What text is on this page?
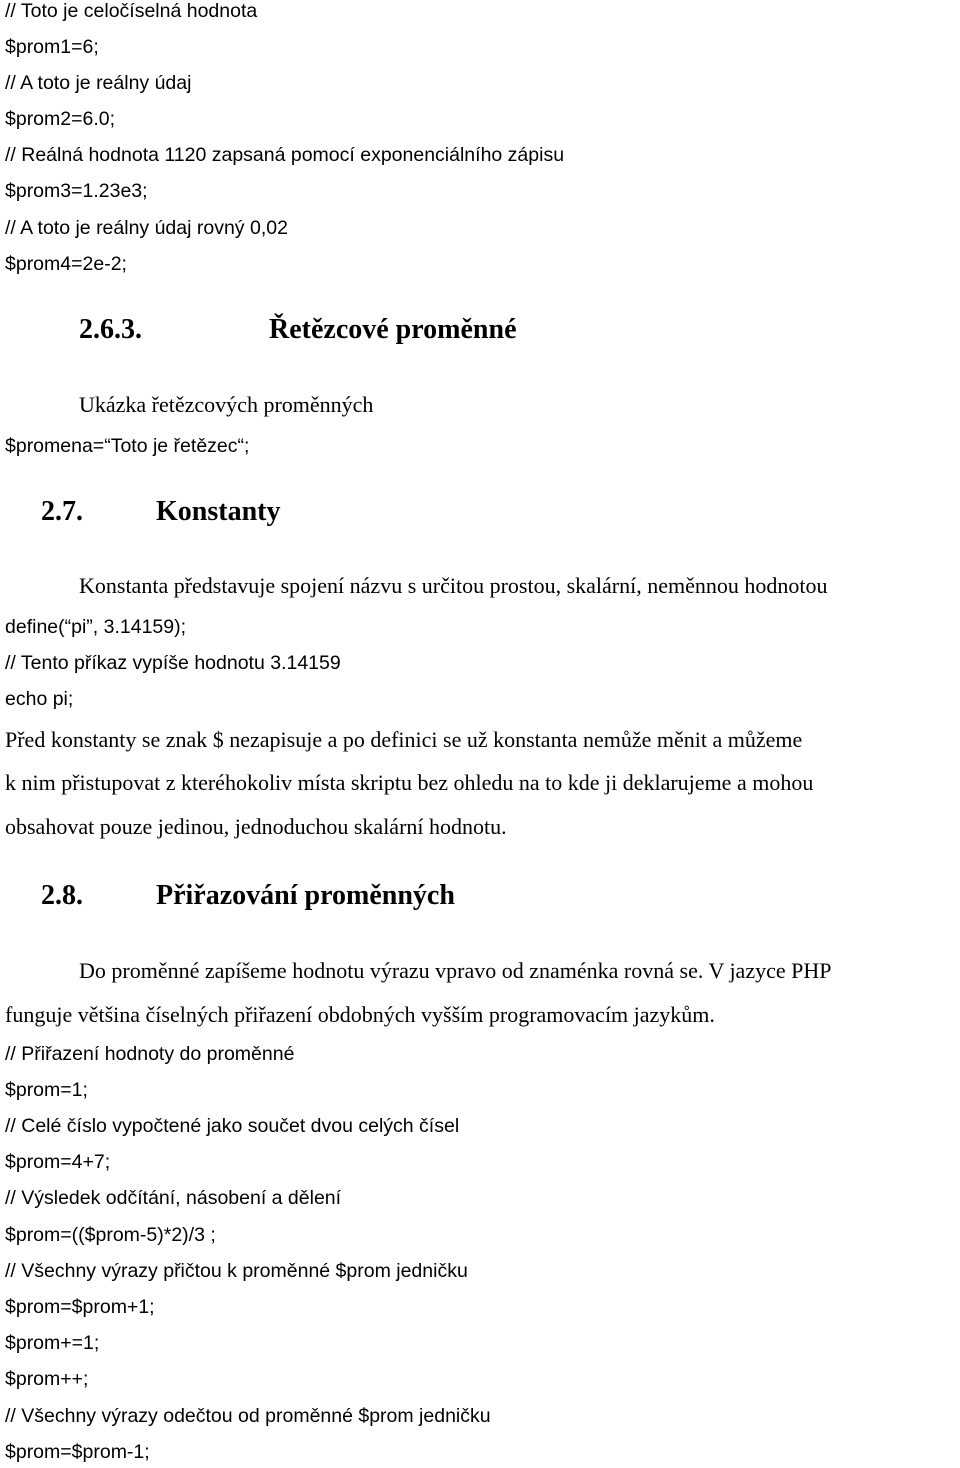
// Toto je celočíselná hodnota
$prom1=6;
// A toto je reálny údaj
$prom2=6.0;
// Reálná hodnota 1120 zapsaná pomocí exponenciálního zápisu
$prom3=1.23e3;
// A toto je reálny údaj rovný 0,02
$prom4=2e-2;
2.6.3.	Řetězcové proměnné
Ukázka řetězcových proměnných
$promena=“Toto je řetězec“;
2.7.	Konstanty
Konstanta představuje spojení názvu s určitou prostou, skalární, neměnnou hodnotou
define(“pi”, 3.14159);
// Tento příkaz vypíše hodnotu 3.14159
echo pi;
Před konstanty se znak $ nezapisuje a po definici se už konstanta nemůže měnit a můžeme
k nim přistupovat z kteréhokoliv místa skriptu bez ohledu na to kde ji deklarujeme a mohou
obsahovat pouze jedinou, jednoduchou skalární hodnotu.
2.8.	Přiřazování proměnných
Do proměnné zapíšeme hodnotu výrazu vpravo od znaménka rovná se. V jazyce PHP
funguje většina číselných přiřazení obdobných vyšším programovacím jazykům.
// Přiřazení hodnoty do proměnné
$prom=1;
// Celé číslo vypočtené jako součet dvou celých čísel
$prom=4+7;
// Výsledek odčítání, násobení a dělení
$prom=(($prom-5)*2)/3 ;
// Všechny výrazy přičtou k proměnné $prom jedničku
$prom=$prom+1;
$prom+=1;
$prom++;
// Všechny výrazy odečtou od proměnné $prom jedničku
$prom=$prom-1;
